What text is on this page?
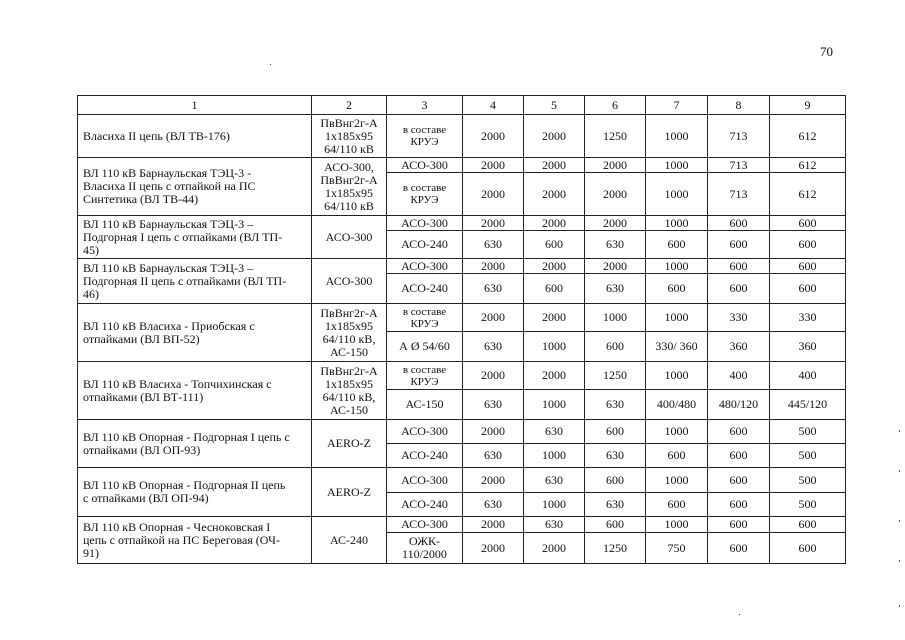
70
1	2	3	4	5	6	7	8	9
Власиха II цепь (ВЛ ТВ-176)	ПвВнг2г-А
1х185х95
64/110 кВ	в составе
КРУЭ	2000	2000	1250	1000	713	612
ВЛ 110 кВ Барнаульская ТЭЦ-3 -
Власиха II цепь с отпайкой на ПС
Синтетика (ВЛ ТВ-44)	АСО-300,
ПвВнг2г-А
1х185х95
64/110 кВ	АСО-300	2000	2000	2000	1000	713	612
		в составе
КРУЭ	2000	2000	2000	1000	713	612
ВЛ 110 кВ Барнаульская ТЭЦ-3 –
Подгорная I цепь с отпайками (ВЛ ТП-
45)	АСО-300	АСО-300	2000	2000	2000	1000	600	600
		АСО-240	630	600	630	600	600	600
ВЛ 110 кВ Барнаульская ТЭЦ-3 –
Подгорная II цепь с отпайками (ВЛ ТП-
46)	АСО-300	АСО-300	2000	2000	2000	1000	600	600
		АСО-240	630	600	630	600	600	600
ВЛ 110 кВ Власиха - Приобская с
отпайками (ВЛ ВП-52)	ПвВнг2г-А
1х185х95
64/110 кВ,
АС-150	в составе
КРУЭ	2000	2000	1000	1000	330	330
		А Ø 54/60	630	1000	600	330/ 360	360	360
ВЛ 110 кВ Власиха - Топчихинская с
отпайками (ВЛ ВТ-111)	ПвВнг2г-А
1х185х95
64/110 кВ,
АС-150	в составе
КРУЭ	2000	2000	1250	1000	400	400
		АС-150	630	1000	630	400/480	480/120	445/120
ВЛ 110 кВ Опорная - Подгорная I цепь с
отпайками (ВЛ ОП-93)	AERO-Z	АСО-300	2000	630	600	1000	600	500
		АСО-240	630	1000	630	600	600	500
ВЛ 110 кВ Опорная - Подгорная II цепь
с отпайками (ВЛ ОП-94)	AERO-Z	АСО-300	2000	630	600	1000	600	500
		АСО-240	630	1000	630	600	600	500
ВЛ 110 кВ Опорная - Чесноковская I
цепь с отпайкой на ПС Береговая (ОЧ-
91)	АС-240	АСО-300	2000	630	600	1000	600	600
		ОЖК-
110/2000	2000	2000	1250	750	600	600
